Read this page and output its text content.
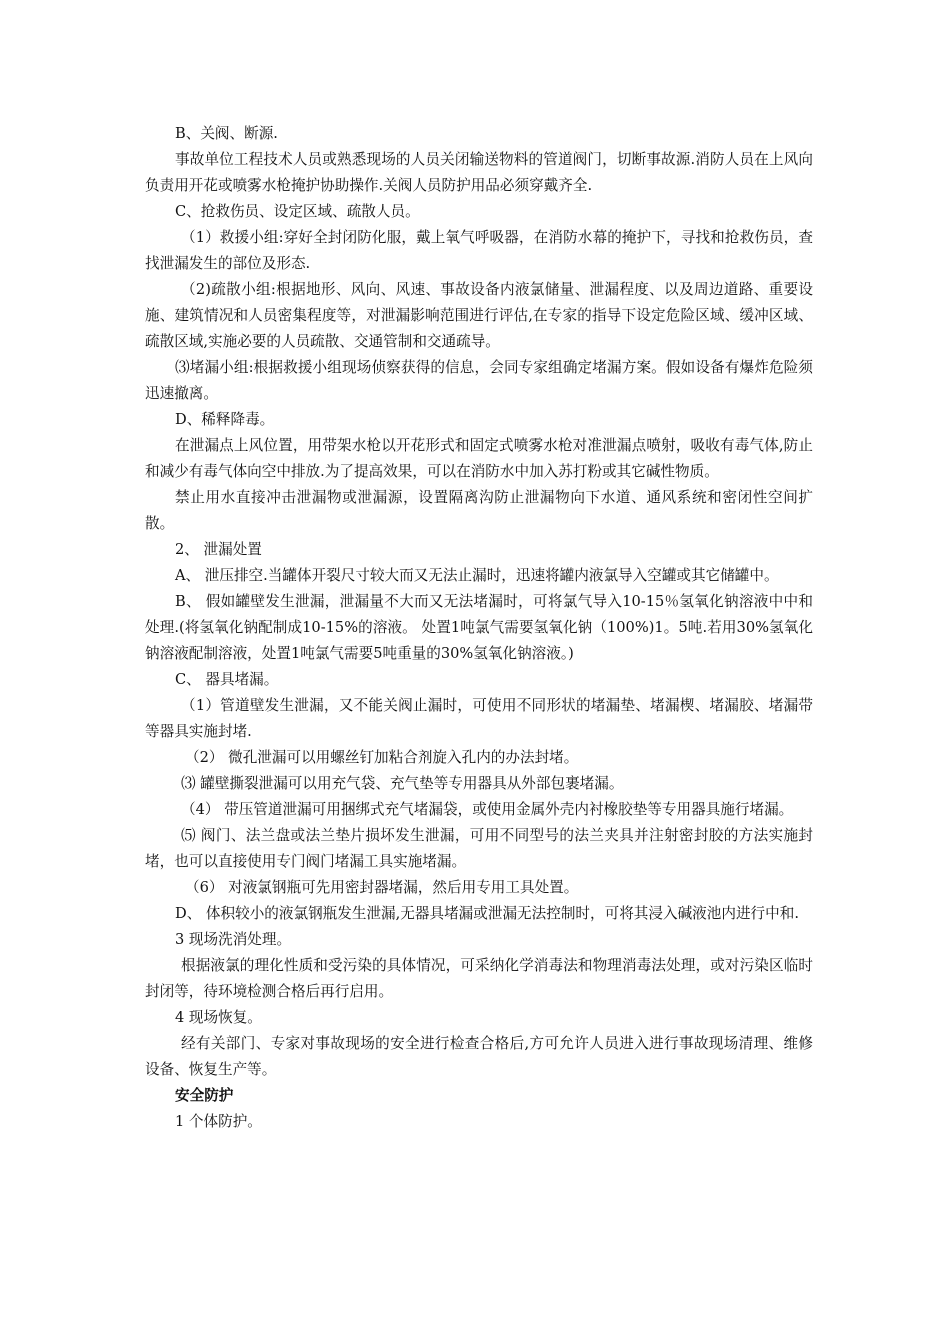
B、关阀、断源.

事故单位工程技术人员或熟悉现场的人员关闭输送物料的管道阀门，切断事故源.消防人员在上风向负责用开花或喷雾水枪掩护协助操作.关阀人员防护用品必须穿戴齐全.

C、抢救伤员、设定区域、疏散人员。

（1）救援小组:穿好全封闭防化服，戴上氧气呼吸器，在消防水幕的掩护下，寻找和抢救伤员，查找泄漏发生的部位及形态.

（2)疏散小组:根据地形、风向、风速、事故设备内液氯储量、泄漏程度、以及周边道路、重要设施、建筑情况和人员密集程度等，对泄漏影响范围进行评估,在专家的指导下设定危险区域、缓冲区域、疏散区域,实施必要的人员疏散、交通管制和交通疏导。

⑶堵漏小组:根据救援小组现场侦察获得的信息，会同专家组确定堵漏方案。假如设备有爆炸危险须迅速撤离。

D、稀释降毒。

在泄漏点上风位置，用带架水枪以开花形式和固定式喷雾水枪对准泄漏点喷射，吸收有毒气体,防止和减少有毒气体向空中排放.为了提高效果，可以在消防水中加入苏打粉或其它碱性物质。

禁止用水直接冲击泄漏物或泄漏源，设置隔离沟防止泄漏物向下水道、通风系统和密闭性空间扩散。

2、 泄漏处置

A、 泄压排空.当罐体开裂尺寸较大而又无法止漏时，迅速将罐内液氯导入空罐或其它储罐中。

B、 假如罐壁发生泄漏，泄漏量不大而又无法堵漏时，可将氯气导入10-15％氢氧化钠溶液中中和处理.(将氢氧化钠配制成10-15%的溶液。 处置1吨氯气需要氢氧化钠（100%)1。5吨.若用30%氢氧化钠溶液配制溶液，处置1吨氯气需要5吨重量的30%氢氧化钠溶液。)

C、 器具堵漏。

（1）管道壁发生泄漏，又不能关阀止漏时，可使用不同形状的堵漏垫、堵漏楔、堵漏胶、堵漏带等器具实施封堵.

（2） 微孔泄漏可以用螺丝钉加粘合剂旋入孔内的办法封堵。

⑶ 罐壁撕裂泄漏可以用充气袋、充气垫等专用器具从外部包裹堵漏。

（4） 带压管道泄漏可用捆绑式充气堵漏袋，或使用金属外壳内衬橡胶垫等专用器具施行堵漏。

⑸ 阀门、法兰盘或法兰垫片损坏发生泄漏，可用不同型号的法兰夹具并注射密封胶的方法实施封堵，也可以直接使用专门阀门堵漏工具实施堵漏。

（6） 对液氯钢瓶可先用密封器堵漏，然后用专用工具处置。

D、 体积较小的液氯钢瓶发生泄漏,无器具堵漏或泄漏无法控制时，可将其浸入碱液池内进行中和.

3 现场洗消处理。

根据液氯的理化性质和受污染的具体情况，可采纳化学消毒法和物理消毒法处理，或对污染区临时封闭等，待环境检测合格后再行启用。

4 现场恢复。

经有关部门、专家对事故现场的安全进行检查合格后,方可允许人员进入进行事故现场清理、维修设备、恢复生产等。

安全防护

1 个体防护。
